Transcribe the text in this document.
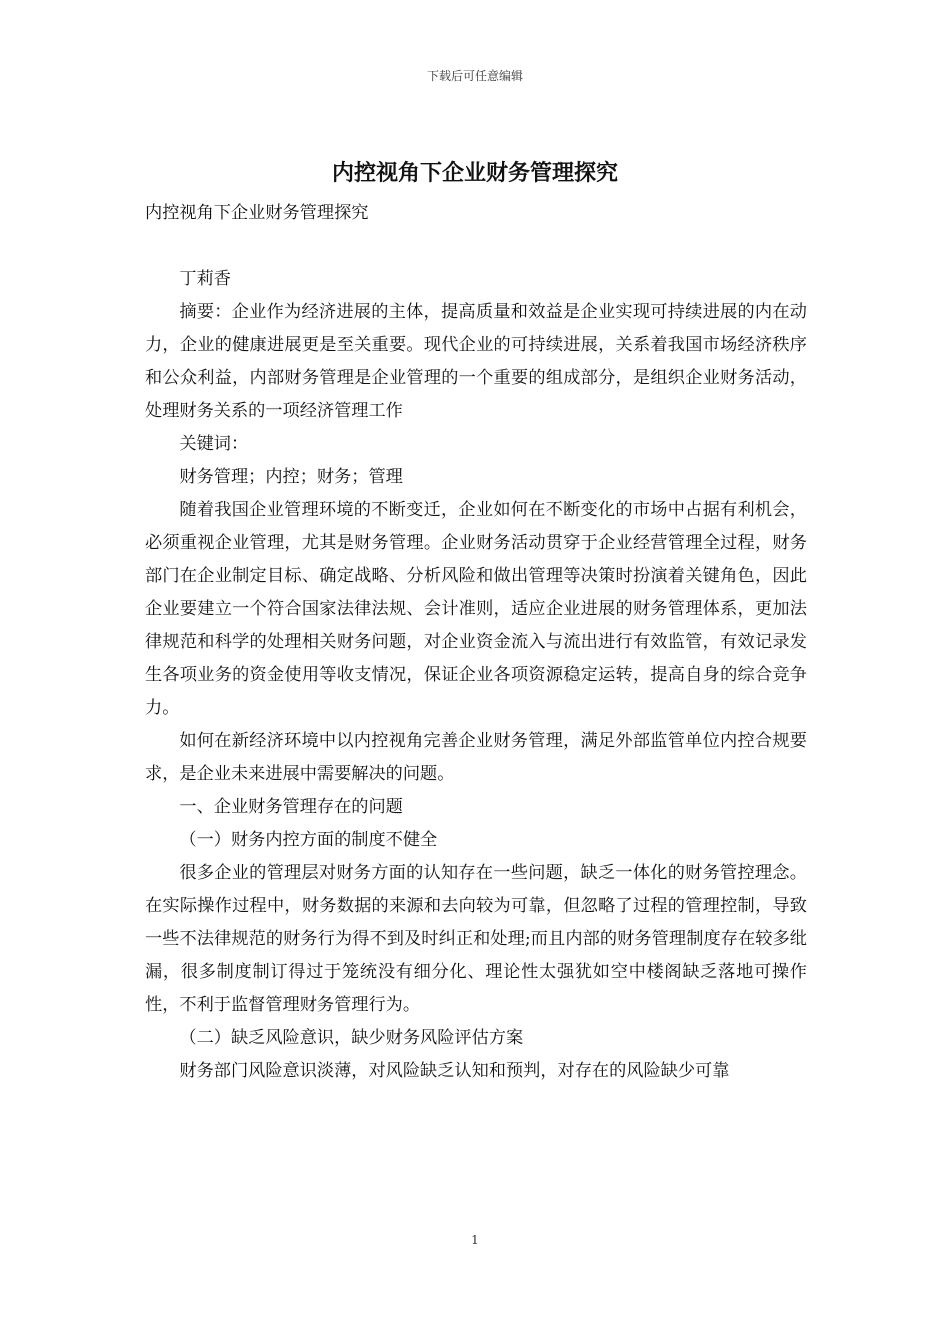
下载后可任意编辑
内控视角下企业财务管理探究

内控视角下企业财务管理探究

丁莉香

摘要：企业作为经济进展的主体，提高质量和效益是企业实现可持续进展的内在动力，企业的健康进展更是至关重要。现代企业的可持续进展，关系着我国市场经济秩序和公众利益，内部财务管理是企业管理的一个重要的组成部分，是组织企业财务活动，处理财务关系的一项经济管理工作

关键词：

财务管理；内控；财务；管理

随着我国企业管理环境的不断变迁，企业如何在不断变化的市场中占据有利机会，必须重视企业管理，尤其是财务管理。企业财务活动贯穿于企业经营管理全过程，财务部门在企业制定目标、确定战略、分析风险和做出管理等决策时扮演着关键角色，因此企业要建立一个符合国家法律法规、会计准则，适应企业进展的财务管理体系，更加法律规范和科学的处理相关财务问题，对企业资金流入与流出进行有效监管，有效记录发生各项业务的资金使用等收支情况，保证企业各项资源稳定运转，提高自身的综合竞争力。

如何在新经济环境中以内控视角完善企业财务管理，满足外部监管单位内控合规要求，是企业未来进展中需要解决的问题。

一、企业财务管理存在的问题

（一）财务内控方面的制度不健全

很多企业的管理层对财务方面的认知存在一些问题，缺乏一体化的财务管控理念。在实际操作过程中，财务数据的来源和去向较为可靠，但忽略了过程的管理控制，导致一些不法律规范的财务行为得不到及时纠正和处理;而且内部的财务管理制度存在较多纰漏，很多制度制订得过于笼统没有细分化、理论性太强犹如空中楼阁缺乏落地可操作性，不利于监督管理财务管理行为。

（二）缺乏风险意识，缺少财务风险评估方案

财务部门风险意识淡薄，对风险缺乏认知和预判，对存在的风险缺少可靠

1
